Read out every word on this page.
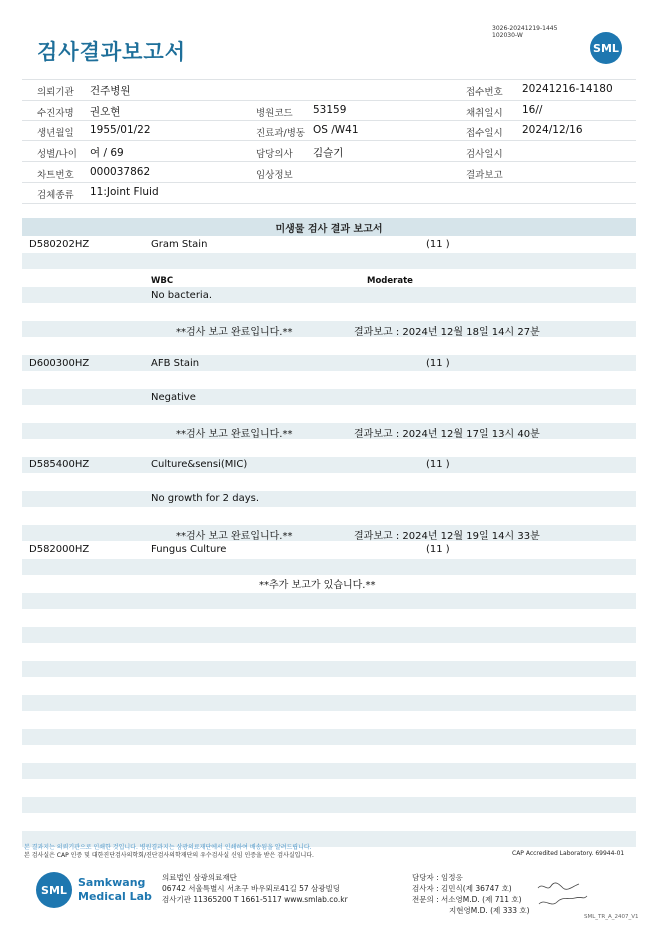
검사결과보고서
3026-20241219-1445
102030-W
SML
의뢰기관 건주병원	접수번호 20241216-14180
수진자명 권오현	병원코드 53159	채취일시 16//
생년월일 1955/01/22	진료과/병동 OS /W41	접수일시 2024/12/16
성별/나이 여 / 69	담당의사 김슬기	검사일시
차트번호 000037862	임상정보	결과보고
검체종류 11:Joint Fluid
미생물 검사 결과 보고서
D580202HZ	Gram Stain	(11 )
WBC	Moderate
No bacteria.
**검사 보고 완료입니다.**	결과보고 : 2024년 12월 18일 14시 27분
D600300HZ	AFB Stain	(11 )
Negative
**검사 보고 완료입니다.**	결과보고 : 2024년 12월 17일 13시 40분
D585400HZ	Culture&sensi(MIC)	(11 )
No growth for 2 days.
**검사 보고 완료입니다.**	결과보고 : 2024년 12월 19일 14시 33분
D582000HZ	Fungus Culture	(11 )
**추가 보고가 있습니다.**
본 결과지는 의뢰기관으로 인쇄한 것입니다. 병원결과지는 삼광의료재단에서 인쇄하여 배송됨을 알려드립니다.
본 검사실은 CAP 인증 및 대한진단검사의학회/진단검사의학재단의 우수검사실 신임 인증을 받은 검사실입니다.	CAP Accredited Laboratory. 69944-01
SML
Samkwang
Medical Lab
의료법인 삼광의료재단
06742 서울특별시 서초구 바우뫼로41길 57 삼광빌딩
검사기관 11365200 T 1661-5117 www.smlab.co.kr
담당자 : 임정응
검사자 : 김민식(제 36747 호)
전문의 : 서소영M.D. (제 711 호)
지현영M.D. (제 333 호)
SML_TR_A_2407_V1
